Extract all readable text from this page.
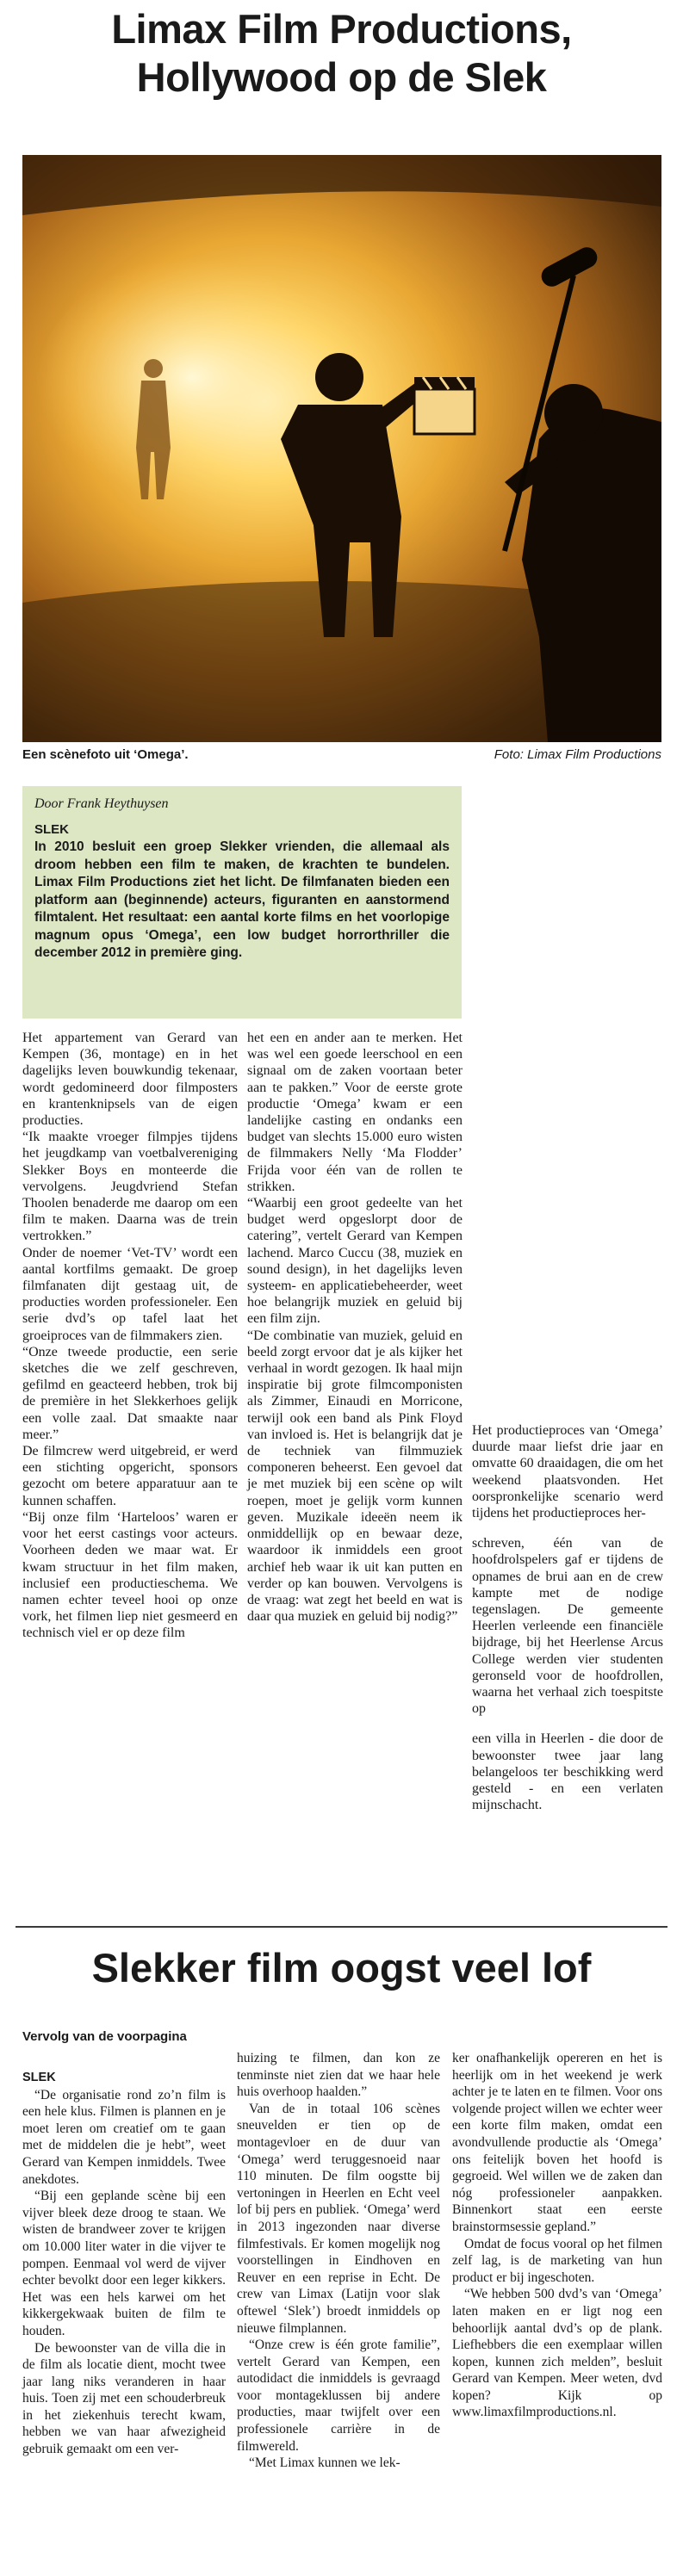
Limax Film Productions,
Hollywood op de Slek
Een scènefoto uit ‘Omega’.	Foto: Limax Film Productions

Door Frank Heythuysen

SLEK

In 2010 besluit een groep Slekker vrienden, die allemaal als droom hebben een film te maken, de krachten te bundelen. Limax Film Productions ziet het licht. De filmfanaten bieden een platform aan (beginnende) acteurs, figuranten en aanstormend filmtalent. Het resultaat: een aantal korte films en het voorlopige magnum opus ‘Omega’, een low budget horrorthriller die december 2012 in première ging.

Het appartement van Gerard van Kempen (36, montage) en in het dagelijks leven bouwkundig tekenaar, wordt gedomineerd door filmposters en krantenknipsels van de eigen producties.

“Ik maakte vroeger filmpjes tijdens het jeugdkamp van voetbalvereniging Slekker Boys en monteerde die vervolgens. Jeugdvriend Stefan Thoolen benaderde me daarop om een film te maken. Daarna was de trein vertrokken.”

Onder de noemer ‘Vet-TV’ wordt een aantal kortfilms gemaakt. De groep filmfanaten dijt gestaag uit, de producties worden professioneler. Een serie dvd’s op tafel laat het groeiproces van de filmmakers zien.

“Onze tweede productie, een serie sketches die we zelf geschreven, gefilmd en geacteerd hebben, trok bij de première in het Slekkerhoes gelijk een volle zaal. Dat smaakte naar meer.”

De filmcrew werd uitgebreid, er werd een stichting opgericht, sponsors gezocht om betere apparatuur aan te kunnen schaffen.

“Bij onze film ‘Harteloos’ waren er voor het eerst castings voor acteurs. Voorheen deden we maar wat. Er kwam structuur in het film maken, inclusief een productieschema. We namen echter teveel hooi op onze vork, het filmen liep niet gesmeerd en technisch viel er op deze film

het een en ander aan te merken. Het was wel een goede leerschool en een signaal om de zaken voortaan beter aan te pakken.” Voor de eerste grote productie ‘Omega’ kwam er een landelijke casting en ondanks een budget van slechts 15.000 euro wisten de filmmakers Nelly ‘Ma Flodder’ Frijda voor één van de rollen te strikken.

“Waarbij een groot gedeelte van het budget werd opgeslorpt door de catering”, vertelt Gerard van Kempen lachend. Marco Cuccu (38, muziek en sound design), in het dagelijks leven systeem- en applicatiebeheerder, weet hoe belangrijk muziek en geluid bij een film zijn.

“De combinatie van muziek, geluid en beeld zorgt ervoor dat je als kijker het verhaal in wordt gezogen. Ik haal mijn inspiratie bij grote filmcomponisten als Zimmer, Einaudi en Morricone, terwijl ook een band als Pink Floyd van invloed is. Het is belangrijk dat je de techniek van filmmuziek componeren beheerst. Een gevoel dat je met muziek bij een scène op wilt roepen, moet je gelijk vorm kunnen geven. Muzikale ideeën neem ik onmiddellijk op en bewaar deze, waardoor ik inmiddels een groot archief heb waar ik uit kan putten en verder op kan bouwen. Vervolgens is de vraag: wat zegt het beeld en wat is daar qua muziek en geluid bij nodig?”

Het productieproces van ‘Omega’ duurde maar liefst drie jaar en omvatte 60 draaidagen, die om het weekend plaatsvonden. Het oorspronkelijke scenario werd tijdens het productieproces her-

schreven, één van de hoofdrolspelers gaf er tijdens de opnames de brui aan en de crew kampte met de nodige tegenslagen. De gemeente Heerlen verleende een financiële bijdrage, bij het Heerlense Arcus College werden vier studenten geronseld voor de hoofdrollen, waarna het verhaal zich toespitste op

een villa in Heerlen - die door de bewoonster twee jaar lang belangeloos ter beschikking werd gesteld - en een verlaten mijnschacht.

Slekker film oogst veel lof
Vervolg van de voorpagina

SLEK

“De organisatie rond zo’n film is een hele klus. Filmen is plannen en je moet leren om creatief om te gaan met de middelen die je hebt”, weet Gerard van Kempen inmiddels. Twee anekdotes.

“Bij een geplande scène bij een vijver bleek deze droog te staan. We wisten de brandweer zover te krijgen om 10.000 liter water in die vijver te pompen. Eenmaal vol werd de vijver echter bevolkt door een leger kikkers. Het was een hels karwei om het kikkergekwaak buiten de film te houden.

De bewoonster van de villa die in de film als locatie dient, mocht twee jaar lang niks veranderen in haar huis. Toen zij met een schouderbreuk in het ziekenhuis terecht kwam, hebben we van haar afwezigheid gebruik gemaakt om een ver-

huizing te filmen, dan kon ze tenminste niet zien dat we haar hele huis overhoop haalden.”

Van de in totaal 106 scènes sneuvelden er tien op de montagevloer en de duur van ‘Omega’ werd teruggesnoeid naar 110 minuten. De film oogstte bij vertoningen in Heerlen en Echt veel lof bij pers en publiek. ‘Omega’ werd in 2013 ingezonden naar diverse filmfestivals. Er komen mogelijk nog voorstellingen in Eindhoven en Reuver en een reprise in Echt. De crew van Limax (Latijn voor slak oftewel ‘Slek’) broedt inmiddels op nieuwe filmplannen.

“Onze crew is één grote familie”, vertelt Gerard van Kempen, een autodidact die inmiddels is gevraagd voor montageklussen bij andere producties, maar twijfelt over een professionele carrière in de filmwereld.

“Met Limax kunnen we lek-

ker onafhankelijk opereren en het is heerlijk om in het weekend je werk achter je te laten en te filmen. Voor ons volgende project willen we echter weer een korte film maken, omdat een avondvullende productie als ‘Omega’ ons feitelijk boven het hoofd is gegroeid. Wel willen we de zaken dan nóg professioneler aanpakken. Binnenkort staat een eerste brainstormsessie gepland.”

Omdat de focus vooral op het filmen zelf lag, is de marketing van hun product er bij ingeschoten.

“We hebben 500 dvd’s van ‘Omega’ laten maken en er ligt nog een behoorlijk aantal dvd’s op de plank. Liefhebbers die een exemplaar willen kopen, kunnen zich melden”, besluit Gerard van Kempen. Meer weten, dvd kopen? Kijk op www.limaxfilmproductions.nl.
